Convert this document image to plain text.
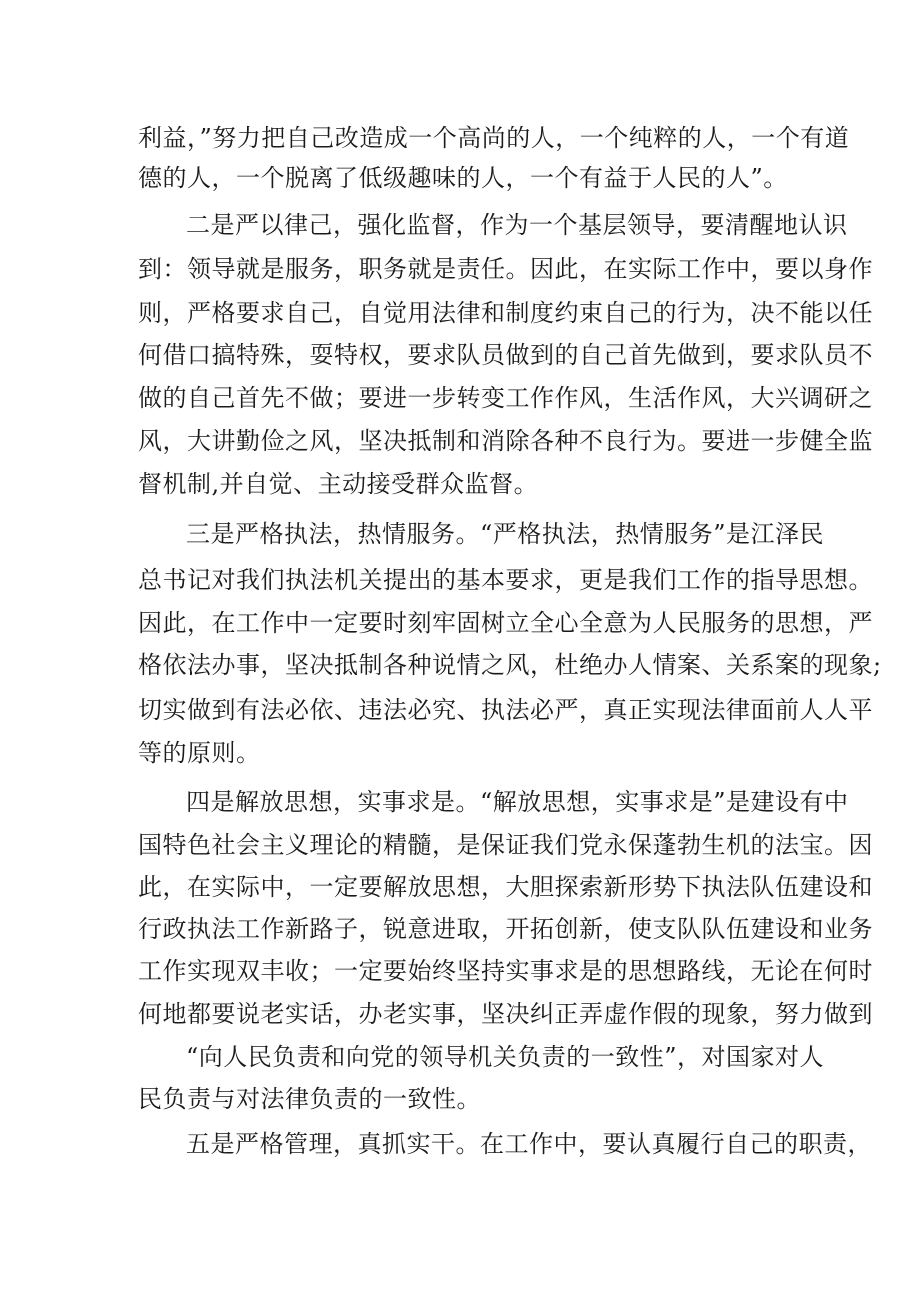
利益，”努力把自己改造成一个高尚的人，一个纯粹的人，一个有道
德的人，一个脱离了低级趣味的人，一个有益于人民的人”。
二是严以律己，强化监督，作为一个基层领导，要清醒地认识
到：领导就是服务，职务就是责任。因此，在实际工作中，要以身作
则，严格要求自己，自觉用法律和制度约束自己的行为，决不能以任
何借口搞特殊，耍特权，要求队员做到的自己首先做到，要求队员不
做的自己首先不做；要进一步转变工作作风，生活作风，大兴调研之
风，大讲勤俭之风，坚决抵制和消除各种不良行为。要进一步健全监
督机制,并自觉、主动接受群众监督。
三是严格执法，热情服务。“严格执法，热情服务”是江泽民
总书记对我们执法机关提出的基本要求，更是我们工作的指导思想。
因此，在工作中一定要时刻牢固树立全心全意为人民服务的思想，严
格依法办事，坚决抵制各种说情之风，杜绝办人情案、关系案的现象;
切实做到有法必依、违法必究、执法必严，真正实现法律面前人人平
等的原则。
四是解放思想，实事求是。“解放思想，实事求是”是建设有中
国特色社会主义理论的精髓，是保证我们党永保蓬勃生机的法宝。因
此，在实际中，一定要解放思想，大胆探索新形势下执法队伍建设和
行政执法工作新路子，锐意进取，开拓创新，使支队队伍建设和业务
工作实现双丰收；一定要始终坚持实事求是的思想路线，无论在何时
何地都要说老实话，办老实事，坚决纠正弄虚作假的现象，努力做到
“向人民负责和向党的领导机关负责的一致性”，对国家对人
民负责与对法律负责的一致性。
五是严格管理，真抓实干。在工作中，要认真履行自己的职责，
